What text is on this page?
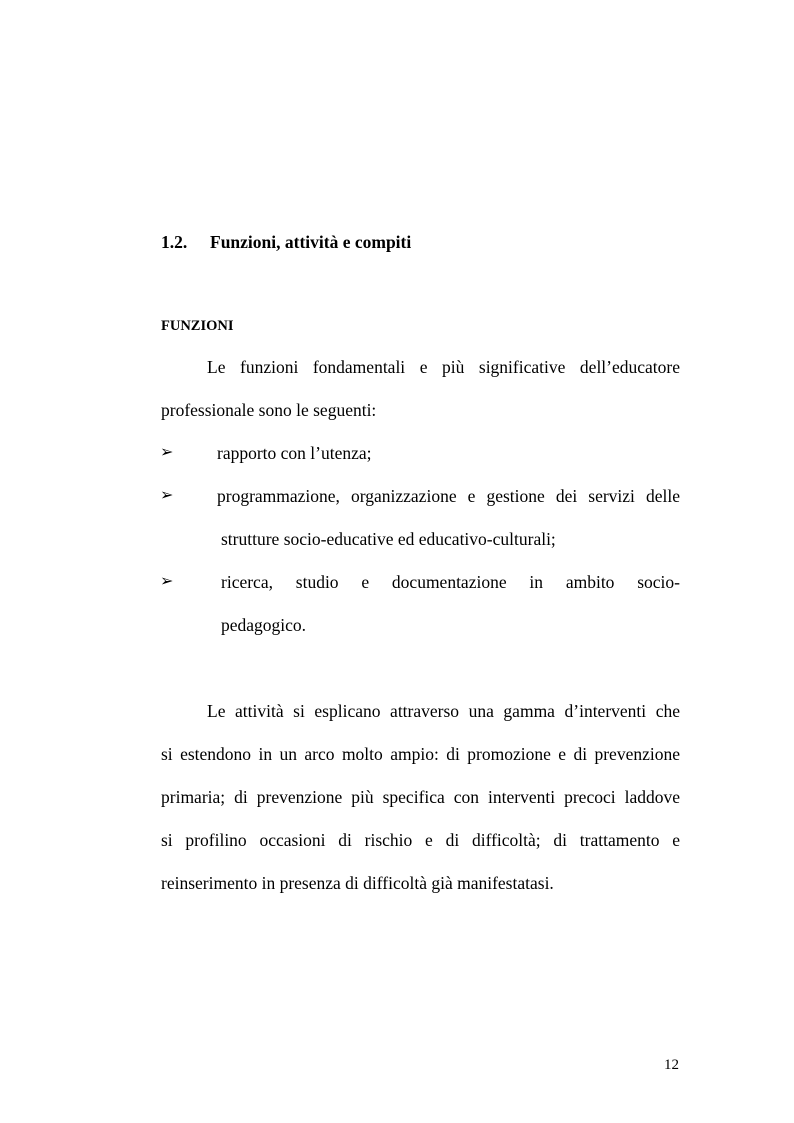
1.2. Funzioni, attività e compiti
FUNZIONI

Le funzioni fondamentali e più significative dell’educatore

professionale sono le seguenti:

➢ rapporto con l’utenza;

➢ programmazione, organizzazione e gestione dei servizi delle

strutture socio-educative ed educativo-culturali;

➢	ricerca, studio e documentazione in ambito socio-

pedagogico.

Le attività si esplicano attraverso una gamma d’interventi che

si estendono in un arco molto ampio: di promozione e di prevenzione

primaria; di prevenzione più specifica con interventi precoci laddove

si profilino occasioni di rischio e di difficoltà; di trattamento e

reinserimento in presenza di difficoltà già manifestatasi.

12
